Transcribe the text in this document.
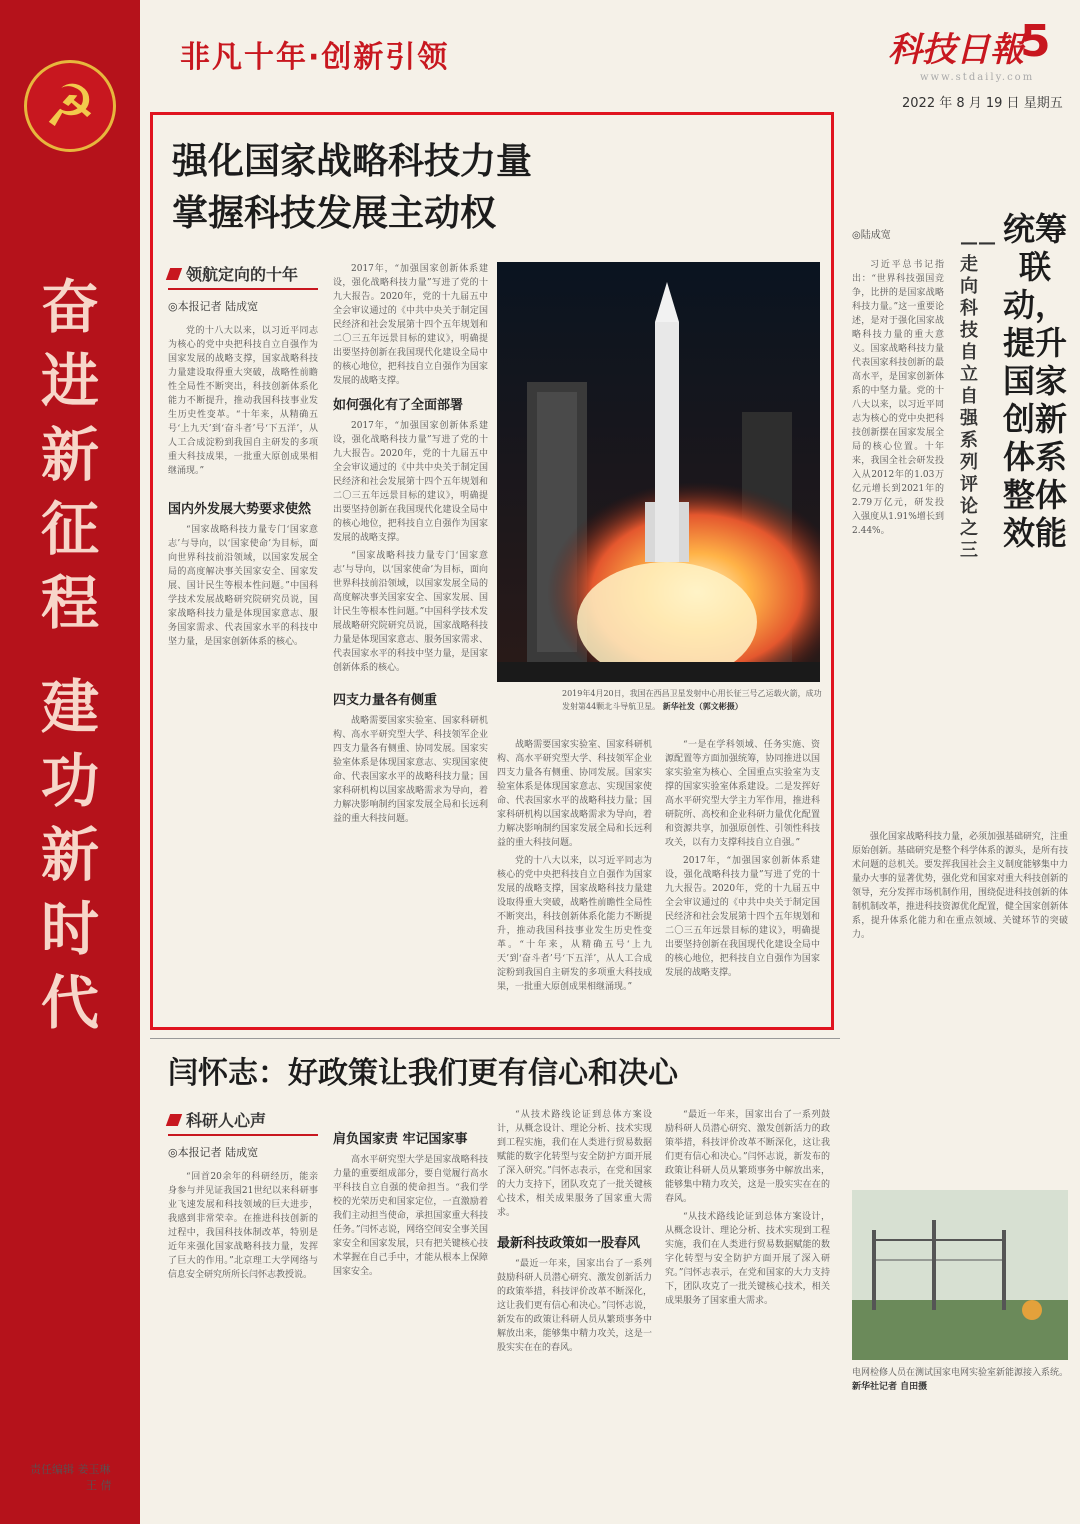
☭
奋
进
新
征
程
建
功
新
时
代
非凡十年·创新引领	科技日報
5
www.stdaily.com
2022 年 8 月 19 日 星期五
强化国家战略科技力量
掌握科技发展主动权
领航定向的十年
◎本报记者 陆成宽

党的十八大以来，以习近平同志为核心的党中央把科技自立自强作为国家发展的战略支撑，国家战略科技力量建设取得重大突破，战略性前瞻性全局性不断突出，科技创新体系化能力不断提升，推动我国科技事业发生历史性变革。“十年来，从精确五号‘上九天’到‘奋斗者’号‘下五洋’，从人工合成淀粉到我国自主研发的多项重大科技成果，一批重大原创成果相继涌现。”

国内外发展大势要求使然

“国家战略科技力量专门‘国家意志’与导向，以‘国家使命’为目标，面向世界科技前沿领域，以国家发展全局的高度解决事关国家安全、国家发展、国计民生等根本性问题。”中国科学技术发展战略研究院研究员说，国家战略科技力量是体现国家意志、服务国家需求、代表国家水平的科技中坚力量，是国家创新体系的核心。

2017年，“加强国家创新体系建设，强化战略科技力量”写进了党的十九大报告。2020年，党的十九届五中全会审议通过的《中共中央关于制定国民经济和社会发展第十四个五年规划和二〇三五年远景目标的建议》，明确提出要坚持创新在我国现代化建设全局中的核心地位，把科技自立自强作为国家发展的战略支撑。

如何强化有了全面部署

2017年，“加强国家创新体系建设，强化战略科技力量”写进了党的十九大报告。2020年，党的十九届五中全会审议通过的《中共中央关于制定国民经济和社会发展第十四个五年规划和二〇三五年远景目标的建议》，明确提出要坚持创新在我国现代化建设全局中的核心地位，把科技自立自强作为国家发展的战略支撑。

“国家战略科技力量专门‘国家意志’与导向，以‘国家使命’为目标，面向世界科技前沿领域，以国家发展全局的高度解决事关国家安全、国家发展、国计民生等根本性问题。”中国科学技术发展战略研究院研究员说，国家战略科技力量是体现国家意志、服务国家需求、代表国家水平的科技中坚力量，是国家创新体系的核心。

四支力量各有侧重

战略需要国家实验室、国家科研机构、高水平研究型大学、科技领军企业四支力量各有侧重、协同发展。国家实验室体系是体现国家意志、实现国家使命、代表国家水平的战略科技力量；国家科研机构以国家战略需求为导向，着力解决影响制约国家发展全局和长远利益的重大科技问题。

2019年4月20日，我国在西昌卫星发射中心用长征三号乙运载火箭，成功发射第44颗北斗导航卫星。 新华社发（郭文彬摄）

战略需要国家实验室、国家科研机构、高水平研究型大学、科技领军企业四支力量各有侧重、协同发展。国家实验室体系是体现国家意志、实现国家使命、代表国家水平的战略科技力量；国家科研机构以国家战略需求为导向，着力解决影响制约国家发展全局和长远利益的重大科技问题。

党的十八大以来，以习近平同志为核心的党中央把科技自立自强作为国家发展的战略支撑，国家战略科技力量建设取得重大突破，战略性前瞻性全局性不断突出，科技创新体系化能力不断提升，推动我国科技事业发生历史性变革。“十年来，从精确五号‘上九天’到‘奋斗者’号‘下五洋’，从人工合成淀粉到我国自主研发的多项重大科技成果，一批重大原创成果相继涌现。”

“一是在学科领域、任务实施、资源配置等方面加强统筹，协同推进以国家实验室为核心、全国重点实验室为支撑的国家实验室体系建设。二是发挥好高水平研究型大学主力军作用，推进科研院所、高校和企业科研力量优化配置和资源共享，加强原创性、引领性科技攻关，以有力支撑科技自立自强。”

2017年，“加强国家创新体系建设，强化战略科技力量”写进了党的十九大报告。2020年，党的十九届五中全会审议通过的《中共中央关于制定国民经济和社会发展第十四个五年规划和二〇三五年远景目标的建议》，明确提出要坚持创新在我国现代化建设全局中的核心地位，把科技自立自强作为国家发展的战略支撑。

统筹联动，提升国家创新体系整体效能
——走向科技自立自强系列评论之三
◎陆成宽

习近平总书记指出：“世界科技强国竞争，比拼的是国家战略科技力量。”这一重要论述，是对于强化国家战略科技力量的重大意义。国家战略科技力量代表国家科技创新的最高水平，是国家创新体系的中坚力量。党的十八大以来，以习近平同志为核心的党中央把科技创新摆在国家发展全局的核心位置。十年来，我国全社会研发投入从2012年的1.03万亿元增长到2021年的2.79万亿元，研发投入强度从1.91%增长到2.44%。

强化国家战略科技力量，必须加强基础研究，注重原始创新。基础研究是整个科学体系的源头，是所有技术问题的总机关。要发挥我国社会主义制度能够集中力量办大事的显著优势，强化党和国家对重大科技创新的领导，充分发挥市场机制作用，围绕促进科技创新的体制机制改革，推进科技资源优化配置，健全国家创新体系，提升体系化能力和在重点领域、关键环节的突破力。

闫怀志：好政策让我们更有信心和决心
科研人心声
◎本报记者 陆成宽

“回首20余年的科研经历，能亲身参与并见证我国21世纪以来科研事业飞速发展和科技领域的巨大进步，我感到非常荣幸。在推进科技创新的过程中，我国科技体制改革，特别是近年来强化国家战略科技力量，发挥了巨大的作用。”北京理工大学网络与信息安全研究所所长闫怀志教授说。

肩负国家责 牢记国家事

高水平研究型大学是国家战略科技力量的重要组成部分，要自觉履行高水平科技自立自强的使命担当。“我们学校的光荣历史和国家定位，一直激励着我们主动担当使命，承担国家重大科技任务。”闫怀志说，网络空间安全事关国家安全和国家发展，只有把关键核心技术掌握在自己手中，才能从根本上保障国家安全。

“从技术路线论证到总体方案设计，从概念设计、理论分析、技术实现到工程实施，我们在人类进行贸易数据赋能的数字化转型与安全防护方面开展了深入研究。”闫怀志表示，在党和国家的大力支持下，团队攻克了一批关键核心技术，相关成果服务了国家重大需求。

最新科技政策如一股春风

“最近一年来，国家出台了一系列鼓励科研人员潜心研究、激发创新活力的政策举措，科技评价改革不断深化，这让我们更有信心和决心。”闫怀志说，新发布的政策让科研人员从繁琐事务中解放出来，能够集中精力攻关，这是一股实实在在的春风。

“最近一年来，国家出台了一系列鼓励科研人员潜心研究、激发创新活力的政策举措，科技评价改革不断深化，这让我们更有信心和决心。”闫怀志说，新发布的政策让科研人员从繁琐事务中解放出来，能够集中精力攻关，这是一股实实在在的春风。

“从技术路线论证到总体方案设计，从概念设计、理论分析、技术实现到工程实施，我们在人类进行贸易数据赋能的数字化转型与安全防护方面开展了深入研究。”闫怀志表示，在党和国家的大力支持下，团队攻克了一批关键核心技术，相关成果服务了国家重大需求。

电网检修人员在测试国家电网实验室新能源接入系统。 新华社记者 自田摄
责任编辑 姜玉琳
王 倩
